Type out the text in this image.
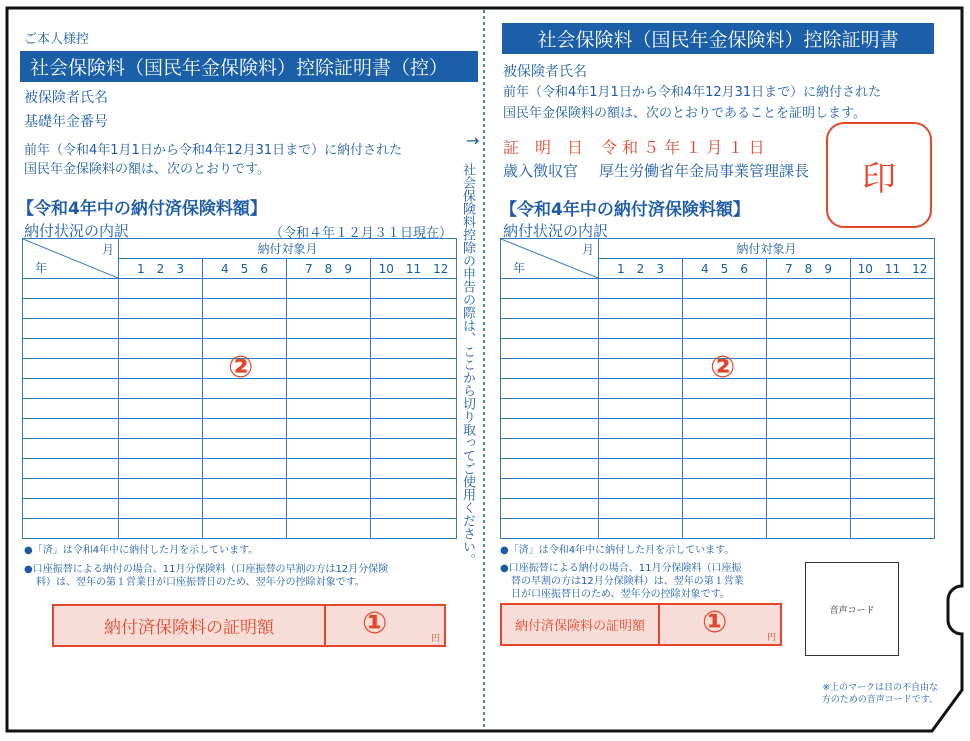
ご本人様控
社会保険料（国民年金保険料）控除証明書（控）
被保険者氏名
基礎年金番号
前年（令和4年1月1日から令和4年12月31日まで）に納付された
国民年金保険料の額は、次のとおりです。
【令和4年中の納付済保険料額】
納付状況の内訳	（令和４年１２月３１日現在）
月
年	納付対象月			
	1　2　3	4　5　6	7　8　9	10　11　12

②
●「済」は令和4年中に納付した月を示しています。
●口座振替による納付の場合、11月分保険料（口座振替の早割の方は12月分保険
料）は、翌年の第１営業日が口座振替日のため、翌年分の控除対象です。
納付済保険料の証明額	①	円
→
社会保険料控除の申告の際は、ここから切り取ってご使用ください。
社会保険料（国民年金保険料）控除証明書
被保険者氏名
前年（令和4年1月1日から令和4年12月31日まで）に納付された
国民年金保険料の額は、次のとおりであることを証明します。
証　明　日 令 和 ５ 年 １ 月 １ 日
歳入徴収官 厚生労働省年金局事業管理課長	印
【令和4年中の納付済保険料額】
納付状況の内訳
月
年	納付対象月			
	1　2　3	4　5　6	7　8　9	10　11　12

②
●「済」は令和4年中に納付した月を示しています。
●口座振替による納付の場合、11月分保険料（口座振
替の早割の方は12月分保険料）は、翌年の第１営業
日が口座振替日のため、翌年分の控除対象です。
納付済保険料の証明額	①	円
音声コード
※上のマークは目の不自由な
方のための音声コードです。
